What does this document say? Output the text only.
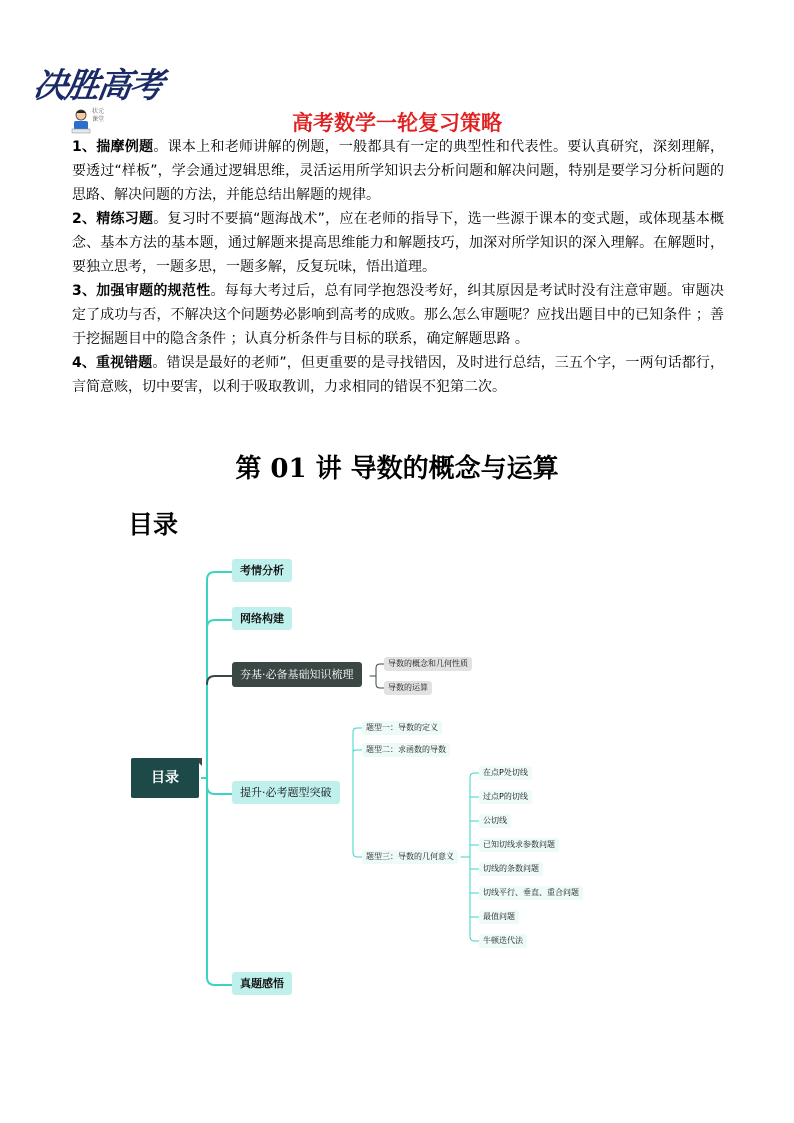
决胜高考
状元
课堂	高考数学一轮复习策略

1、揣摩例题。课本上和老师讲解的例题，一般都具有一定的典型性和代表性。要认真研究，深刻理解，要透过“样板”，学会通过逻辑思维，灵活运用所学知识去分析问题和解决问题，特别是要学习分析问题的思路、解决问题的方法，并能总结出解题的规律。

2、精练习题。复习时不要搞“题海战术”，应在老师的指导下，选一些源于课本的变式题，或体现基本概念、基本方法的基本题，通过解题来提高思维能力和解题技巧，加深对所学知识的深入理解。在解题时，要独立思考，一题多思，一题多解，反复玩味，悟出道理。

3、加强审题的规范性。每每大考过后，总有同学抱怨没考好，纠其原因是考试时没有注意审题。审题决定了成功与否，不解决这个问题势必影响到高考的成败。那么怎么审题呢？应找出题目中的已知条件 ；善于挖掘题目中的隐含条件 ；认真分析条件与目标的联系，确定解题思路 。

4、重视错题。错误是最好的老师”，但更重要的是寻找错因，及时进行总结，三五个字，一两句话都行，言简意赅，切中要害，以利于吸取教训，力求相同的错误不犯第二次。

第 01 讲 导数的概念与运算
目录
目录
考情分析
网络构建
夯基·必备基础知识梳理
导数的概念和几何性质
导数的运算
提升·必考题型突破
题型一：导数的定义
题型二：求函数的导数
题型三：导数的几何意义
在点P处切线
过点P的切线
公切线
已知切线求参数问题
切线的条数问题
切线平行、垂直、重合问题
最值问题
牛顿迭代法
真题感悟
